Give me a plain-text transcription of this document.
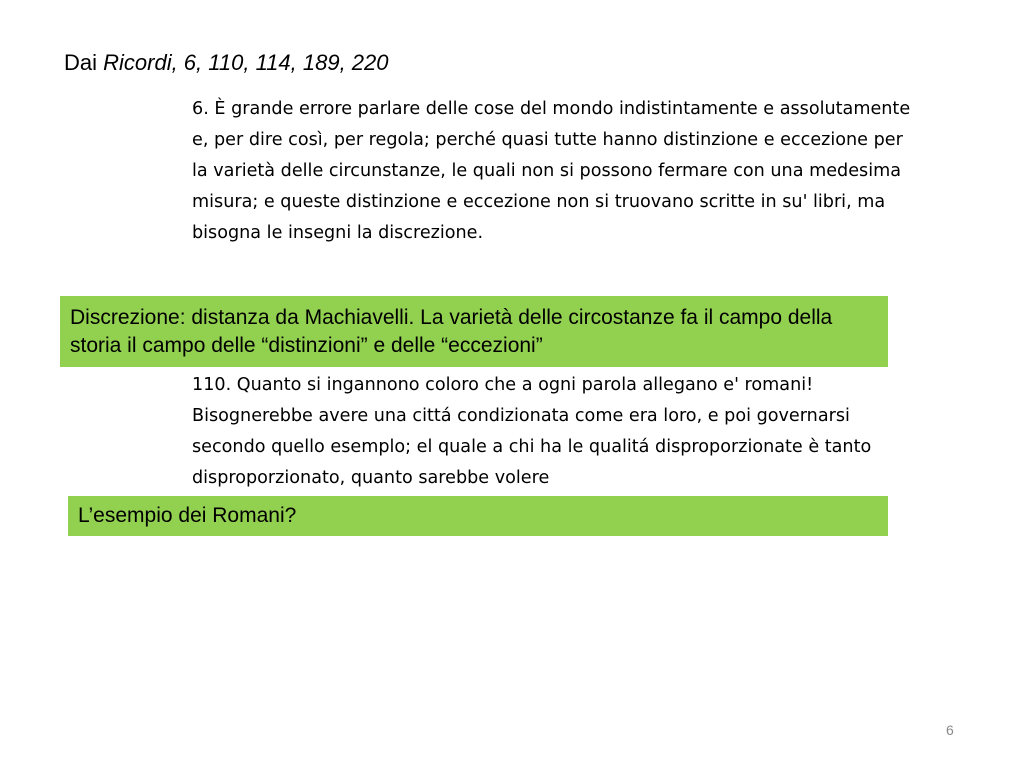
Dai Ricordi, 6, 110, 114, 189, 220
6. È grande errore parlare delle cose del mondo indistintamente e assolutamente e, per dire così, per regola; perché quasi tutte hanno distinzione e eccezione per la varietà delle circunstanze, le quali non si possono fermare con una medesima misura; e queste distinzione e eccezione non si truovano scritte in su' libri, ma bisogna le insegni la discrezione.
Discrezione: distanza da Machiavelli. La varietà delle circostanze fa il campo della storia il campo delle “distinzioni” e delle “eccezioni”
110. Quanto si ingannono coloro che a ogni parola allegano e' romani! Bisognerebbe avere una cittá condizionata come era loro, e poi governarsi secondo quello esemplo; el quale a chi ha le qualitá disproporzionate è tanto disproporzionato, quanto sarebbe volere
L’esempio dei Romani?
6
